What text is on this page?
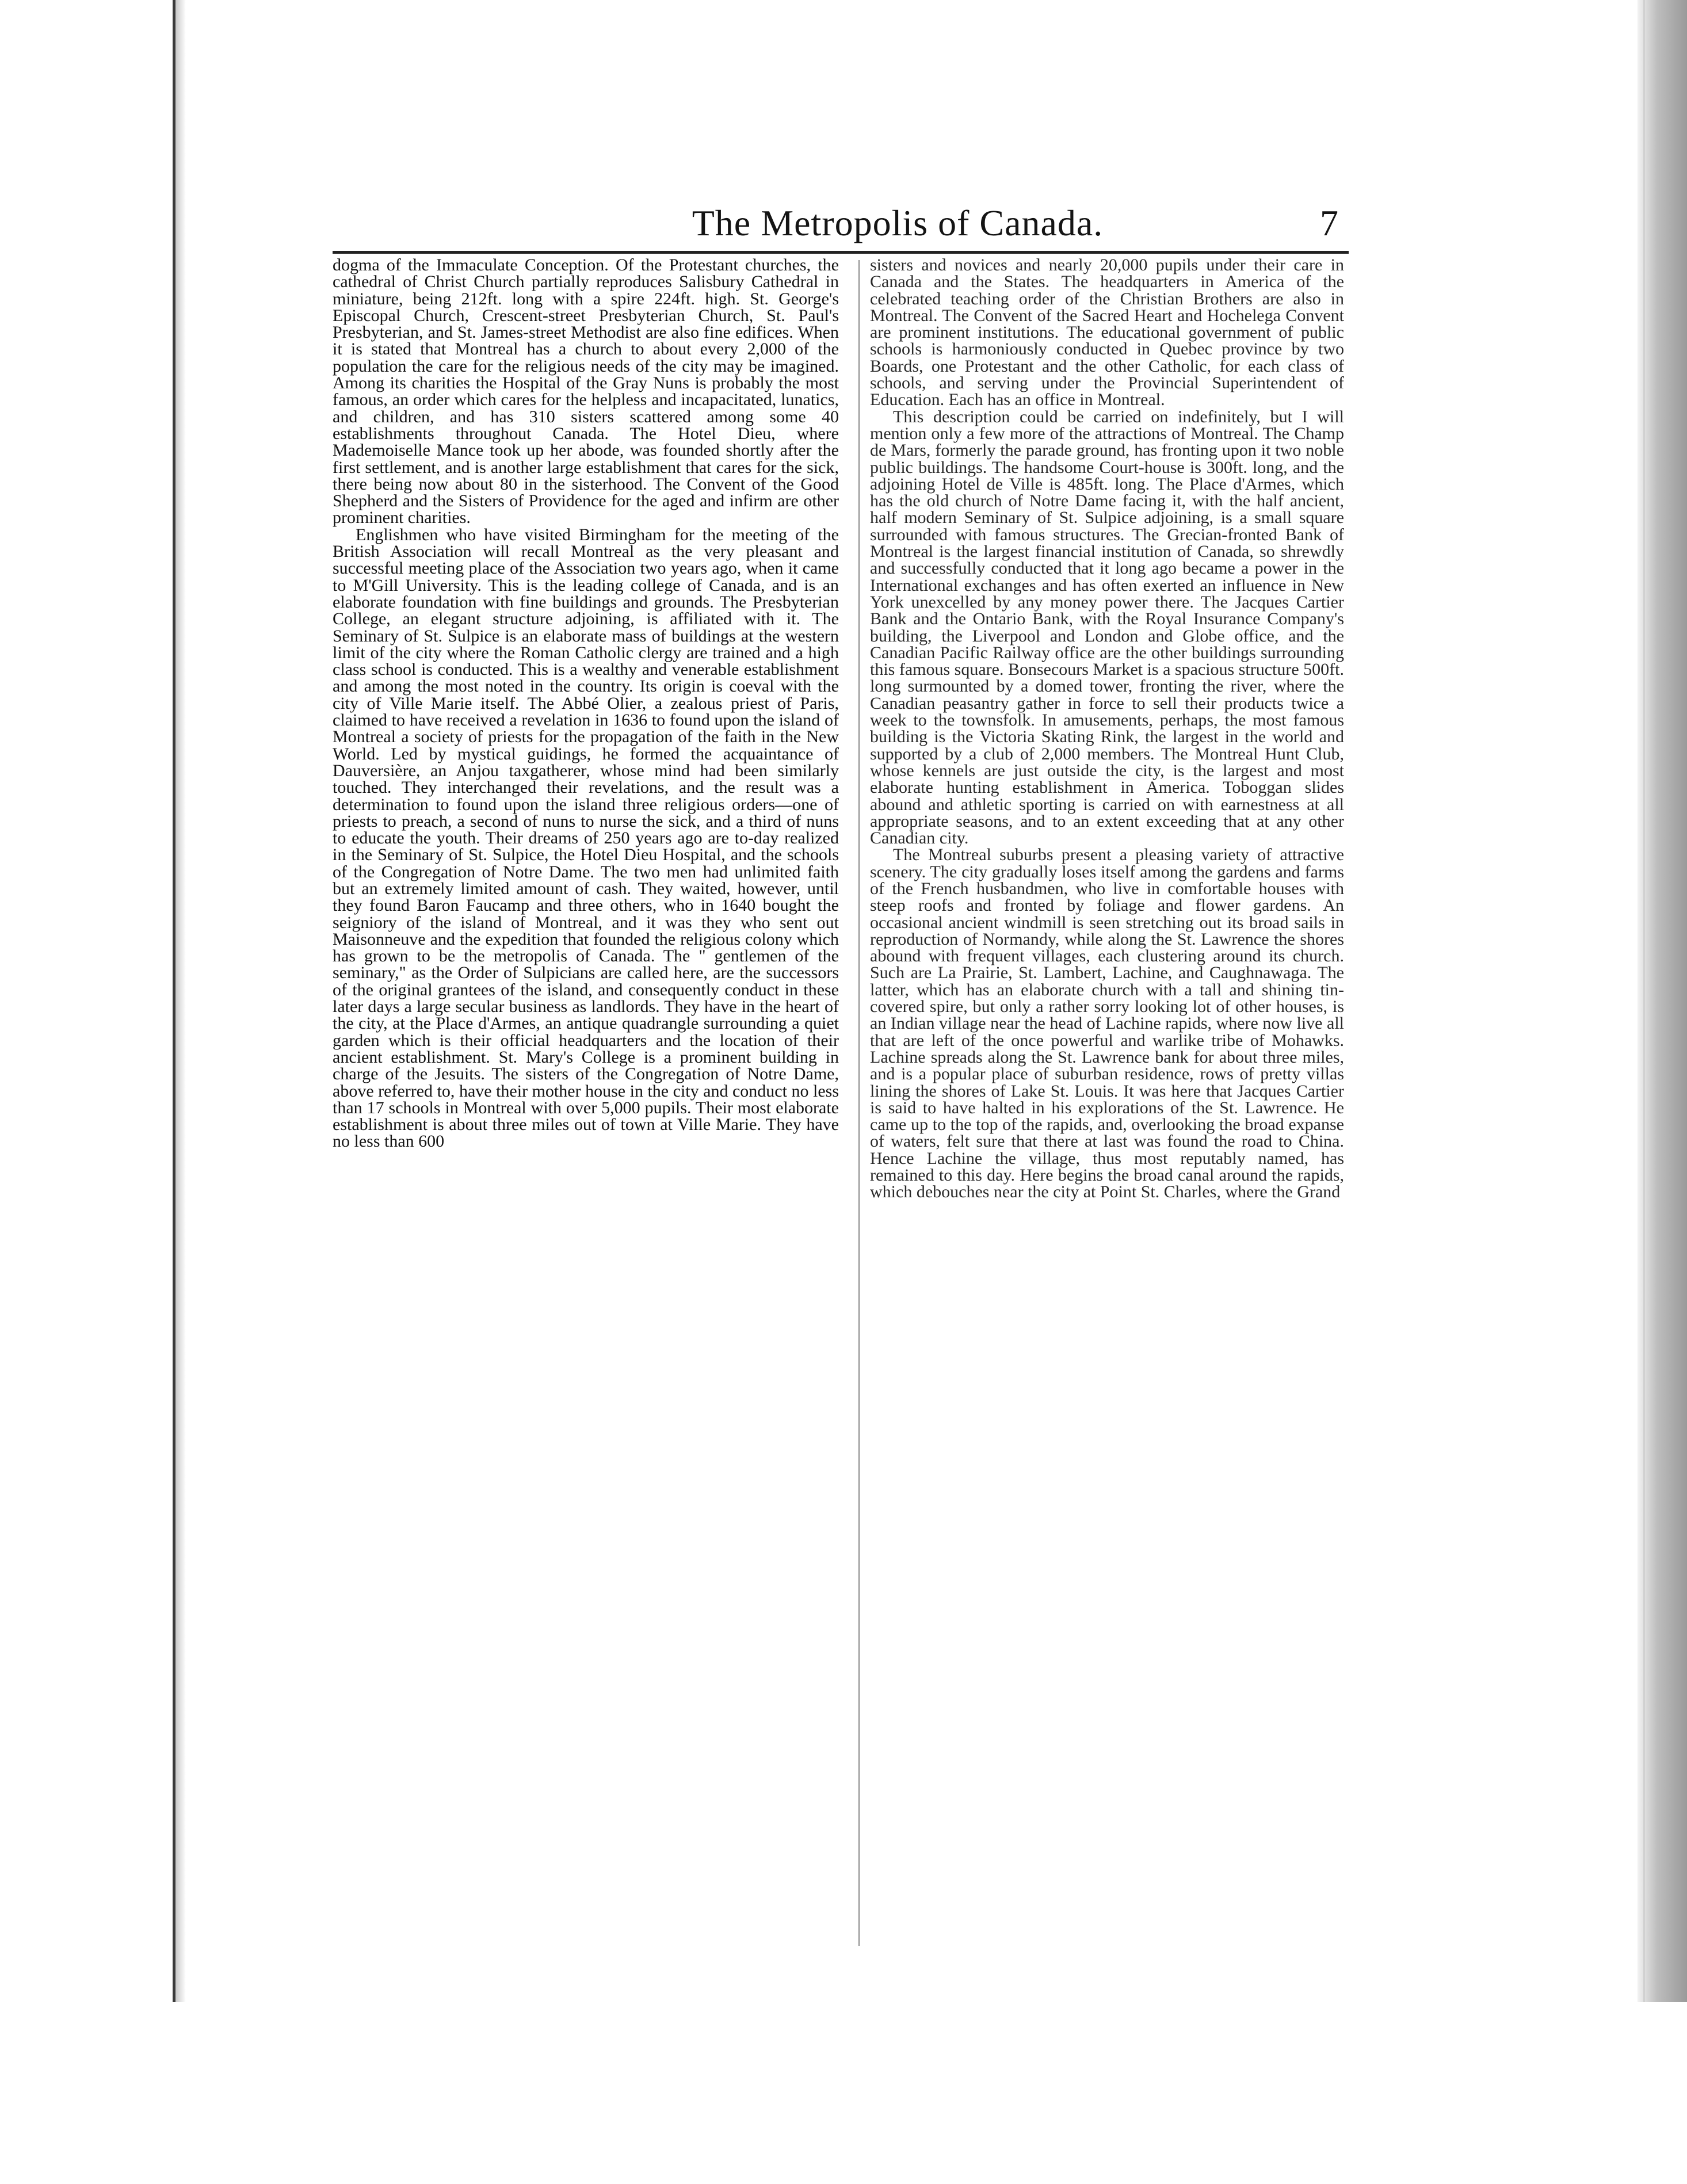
The Metropolis of Canada.	7

dogma of the Immaculate Conception. Of the Protestant churches, the cathedral of Christ Church partially reproduces Salisbury Cathedral in miniature, being 212ft. long with a spire 224ft. high. St. George's Episcopal Church, Crescent-street Presbyterian Church, St. Paul's Presbyterian, and St. James-street Methodist are also fine edifices. When it is stated that Montreal has a church to about every 2,000 of the population the care for the religious needs of the city may be imagined. Among its charities the Hospital of the Gray Nuns is probably the most famous, an order which cares for the helpless and incapacitated, lunatics, and children, and has 310 sisters scattered among some 40 establishments throughout Canada. The Hotel Dieu, where Mademoiselle Mance took up her abode, was founded shortly after the first settlement, and is another large establishment that cares for the sick, there being now about 80 in the sisterhood. The Convent of the Good Shepherd and the Sisters of Providence for the aged and infirm are other prominent charities.

Englishmen who have visited Birmingham for the meeting of the British Association will recall Montreal as the very pleasant and successful meeting place of the Association two years ago, when it came to M'Gill University. This is the leading college of Canada, and is an elaborate foundation with fine buildings and grounds. The Presbyterian College, an elegant structure adjoining, is affiliated with it. The Seminary of St. Sulpice is an elaborate mass of buildings at the western limit of the city where the Roman Catholic clergy are trained and a high class school is conducted. This is a wealthy and venerable establishment and among the most noted in the country. Its origin is coeval with the city of Ville Marie itself. The Abbé Olier, a zealous priest of Paris, claimed to have received a revelation in 1636 to found upon the island of Montreal a society of priests for the propagation of the faith in the New World. Led by mystical guidings, he formed the acquaintance of Dauversière, an Anjou taxgatherer, whose mind had been similarly touched. They interchanged their revelations, and the result was a determination to found upon the island three religious orders—one of priests to preach, a second of nuns to nurse the sick, and a third of nuns to educate the youth. Their dreams of 250 years ago are to-day realized in the Seminary of St. Sulpice, the Hotel Dieu Hospital, and the schools of the Congregation of Notre Dame. The two men had unlimited faith but an extremely limited amount of cash. They waited, however, until they found Baron Faucamp and three others, who in 1640 bought the seigniory of the island of Montreal, and it was they who sent out Maisonneuve and the expedition that founded the religious colony which has grown to be the metropolis of Canada. The " gentlemen of the seminary," as the Order of Sulpicians are called here, are the successors of the original grantees of the island, and consequently conduct in these later days a large secular business as landlords. They have in the heart of the city, at the Place d'Armes, an antique quadrangle surrounding a quiet garden which is their official headquarters and the location of their ancient establishment. St. Mary's College is a prominent building in charge of the Jesuits. The sisters of the Congregation of Notre Dame, above referred to, have their mother house in the city and conduct no less than 17 schools in Montreal with over 5,000 pupils. Their most elaborate establishment is about three miles out of town at Ville Marie. They have no less than 600

sisters and novices and nearly 20,000 pupils under their care in Canada and the States. The headquarters in America of the celebrated teaching order of the Christian Brothers are also in Montreal. The Convent of the Sacred Heart and Hochelega Convent are prominent institutions. The educational government of public schools is harmoniously conducted in Quebec province by two Boards, one Protestant and the other Catholic, for each class of schools, and serving under the Provincial Superintendent of Education. Each has an office in Montreal.

This description could be carried on indefinitely, but I will mention only a few more of the attractions of Montreal. The Champ de Mars, formerly the parade ground, has fronting upon it two noble public buildings. The handsome Court-house is 300ft. long, and the adjoining Hotel de Ville is 485ft. long. The Place d'Armes, which has the old church of Notre Dame facing it, with the half ancient, half modern Seminary of St. Sulpice adjoining, is a small square surrounded with famous structures. The Grecian-fronted Bank of Montreal is the largest financial institution of Canada, so shrewdly and successfully conducted that it long ago became a power in the International exchanges and has often exerted an influence in New York unexcelled by any money power there. The Jacques Cartier Bank and the Ontario Bank, with the Royal Insurance Company's building, the Liverpool and London and Globe office, and the Canadian Pacific Railway office are the other buildings surrounding this famous square. Bonsecours Market is a spacious structure 500ft. long surmounted by a domed tower, fronting the river, where the Canadian peasantry gather in force to sell their products twice a week to the townsfolk. In amusements, perhaps, the most famous building is the Victoria Skating Rink, the largest in the world and supported by a club of 2,000 members. The Montreal Hunt Club, whose kennels are just outside the city, is the largest and most elaborate hunting establishment in America. Toboggan slides abound and athletic sporting is carried on with earnestness at all appropriate seasons, and to an extent exceeding that at any other Canadian city.

The Montreal suburbs present a pleasing variety of attractive scenery. The city gradually loses itself among the gardens and farms of the French husbandmen, who live in comfortable houses with steep roofs and fronted by foliage and flower gardens. An occasional ancient windmill is seen stretching out its broad sails in reproduction of Normandy, while along the St. Lawrence the shores abound with frequent villages, each clustering around its church. Such are La Prairie, St. Lambert, Lachine, and Caughnawaga. The latter, which has an elaborate church with a tall and shining tin-covered spire, but only a rather sorry looking lot of other houses, is an Indian village near the head of Lachine rapids, where now live all that are left of the once powerful and warlike tribe of Mohawks. Lachine spreads along the St. Lawrence bank for about three miles, and is a popular place of suburban residence, rows of pretty villas lining the shores of Lake St. Louis. It was here that Jacques Cartier is said to have halted in his explorations of the St. Lawrence. He came up to the top of the rapids, and, overlooking the broad expanse of waters, felt sure that there at last was found the road to China. Hence Lachine the village, thus most reputably named, has remained to this day. Here begins the broad canal around the rapids, which debouches near the city at Point St. Charles, where the Grand
